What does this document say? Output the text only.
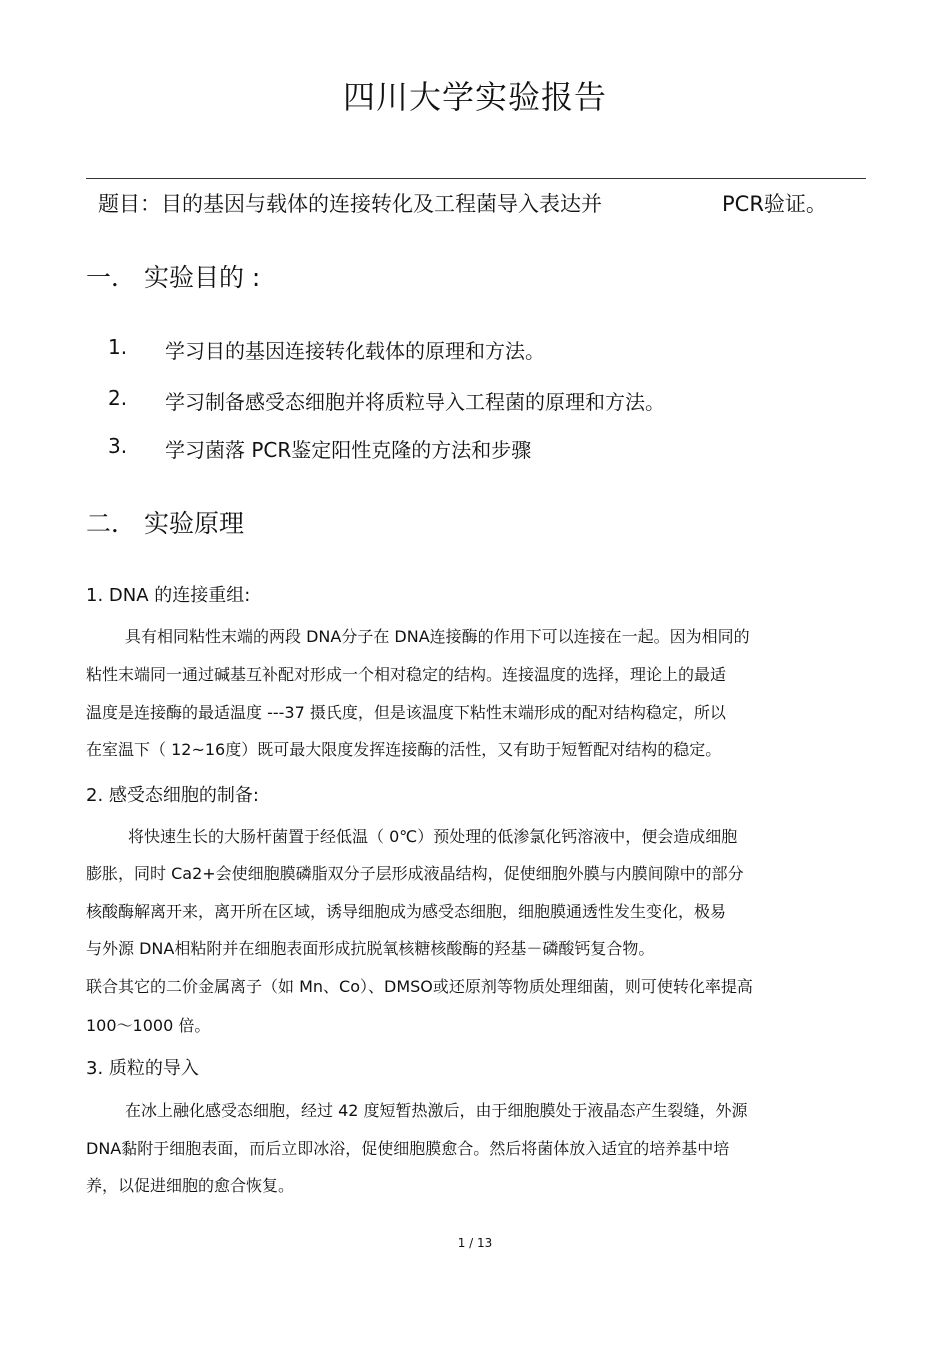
四川大学实验报告
题目：目的基因与载体的连接转化及工程菌导入表达并	PCR验证。
一． 实验目的 :
1. 学习目的基因连接转化载体的原理和方法。
2. 学习制备感受态细胞并将质粒导入工程菌的原理和方法。
3. 学习菌落 PCR鉴定阳性克隆的方法和步骤
二． 实验原理
1. DNA 的连接重组:
具有相同粘性末端的两段 DNA分子在 DNA连接酶的作用下可以连接在一起。因为相同的
粘性末端同一通过碱基互补配对形成一个相对稳定的结构。连接温度的选择，理论上的最适
温度是连接酶的最适温度 ---37 摄氏度，但是该温度下粘性末端形成的配对结构稳定，所以
在室温下（ 12~16度）既可最大限度发挥连接酶的活性，又有助于短暂配对结构的稳定。
2. 感受态细胞的制备:
将快速生长的大肠杆菌置于经低温（ 0℃）预处理的低渗氯化钙溶液中，便会造成细胞
膨胀，同时 Ca2+会使细胞膜磷脂双分子层形成液晶结构，促使细胞外膜与内膜间隙中的部分
核酸酶解离开来，离开所在区域，诱导细胞成为感受态细胞，细胞膜通透性发生变化，极易
与外源 DNA相粘附并在细胞表面形成抗脱氧核糖核酸酶的羟基－磷酸钙复合物。
联合其它的二价金属离子（如 Mn、Co）、DMSO或还原剂等物质处理细菌，则可使转化率提高
100～1000 倍。
3. 质粒的导入
在冰上融化感受态细胞，经过 42 度短暂热激后，由于细胞膜处于液晶态产生裂缝，外源
DNA黏附于细胞表面，而后立即冰浴，促使细胞膜愈合。然后将菌体放入适宜的培养基中培
养，以促进细胞的愈合恢复。
1 / 13
